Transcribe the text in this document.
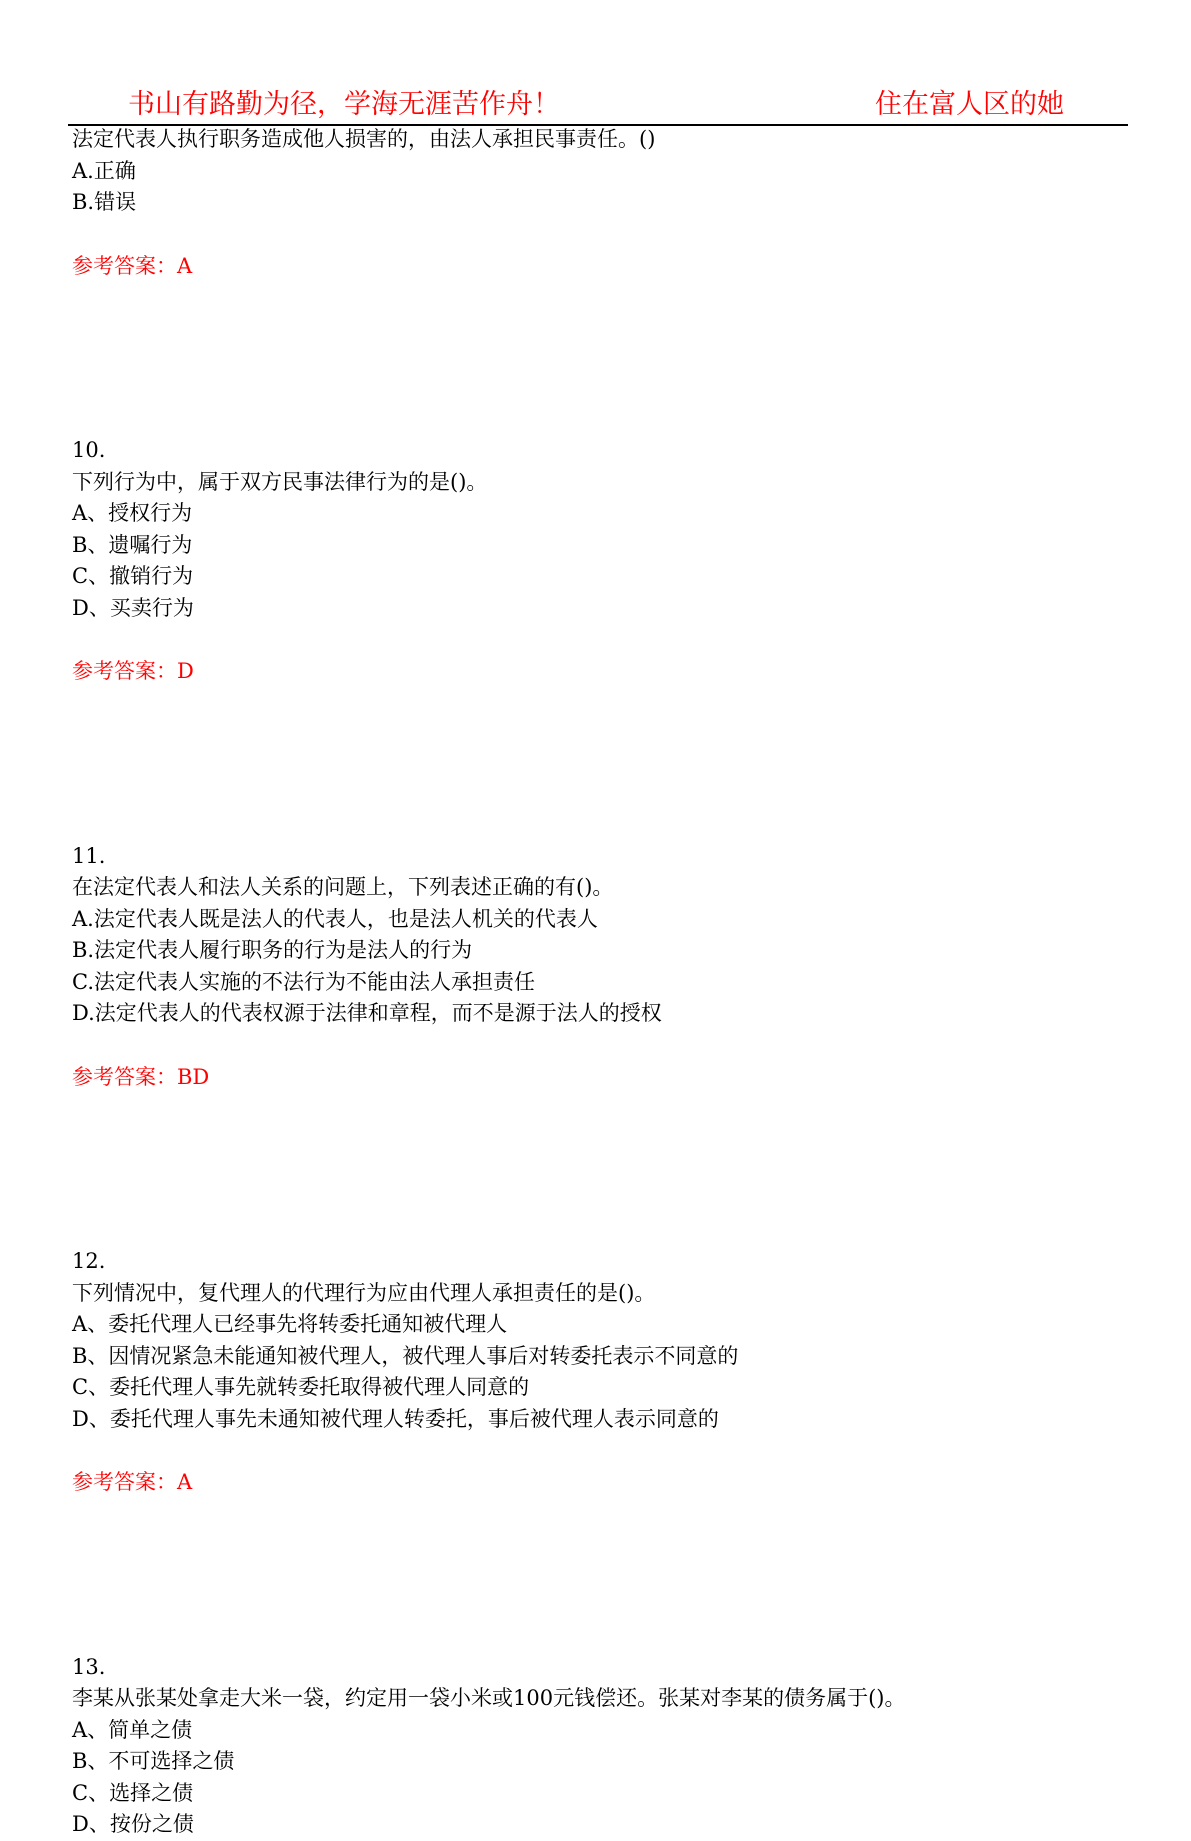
书山有路勤为径，学海无涯苦作舟！	住在富人区的她
法定代表人执行职务造成他人损害的，由法人承担民事责任。()
A.正确
B.错误
参考答案：A
10.
下列行为中，属于双方民事法律行为的是()。
A、授权行为
B、遗嘱行为
C、撤销行为
D、买卖行为
参考答案：D
11.
在法定代表人和法人关系的问题上，下列表述正确的有()。
A.法定代表人既是法人的代表人，也是法人机关的代表人
B.法定代表人履行职务的行为是法人的行为
C.法定代表人实施的不法行为不能由法人承担责任
D.法定代表人的代表权源于法律和章程，而不是源于法人的授权
参考答案：BD
12.
下列情况中，复代理人的代理行为应由代理人承担责任的是()。
A、委托代理人已经事先将转委托通知被代理人
B、因情况紧急未能通知被代理人，被代理人事后对转委托表示不同意的
C、委托代理人事先就转委托取得被代理人同意的
D、委托代理人事先未通知被代理人转委托，事后被代理人表示同意的
参考答案：A
13.
李某从张某处拿走大米一袋，约定用一袋小米或100元钱偿还。张某对李某的债务属于()。
A、简单之债
B、不可选择之债
C、选择之债
D、按份之债
